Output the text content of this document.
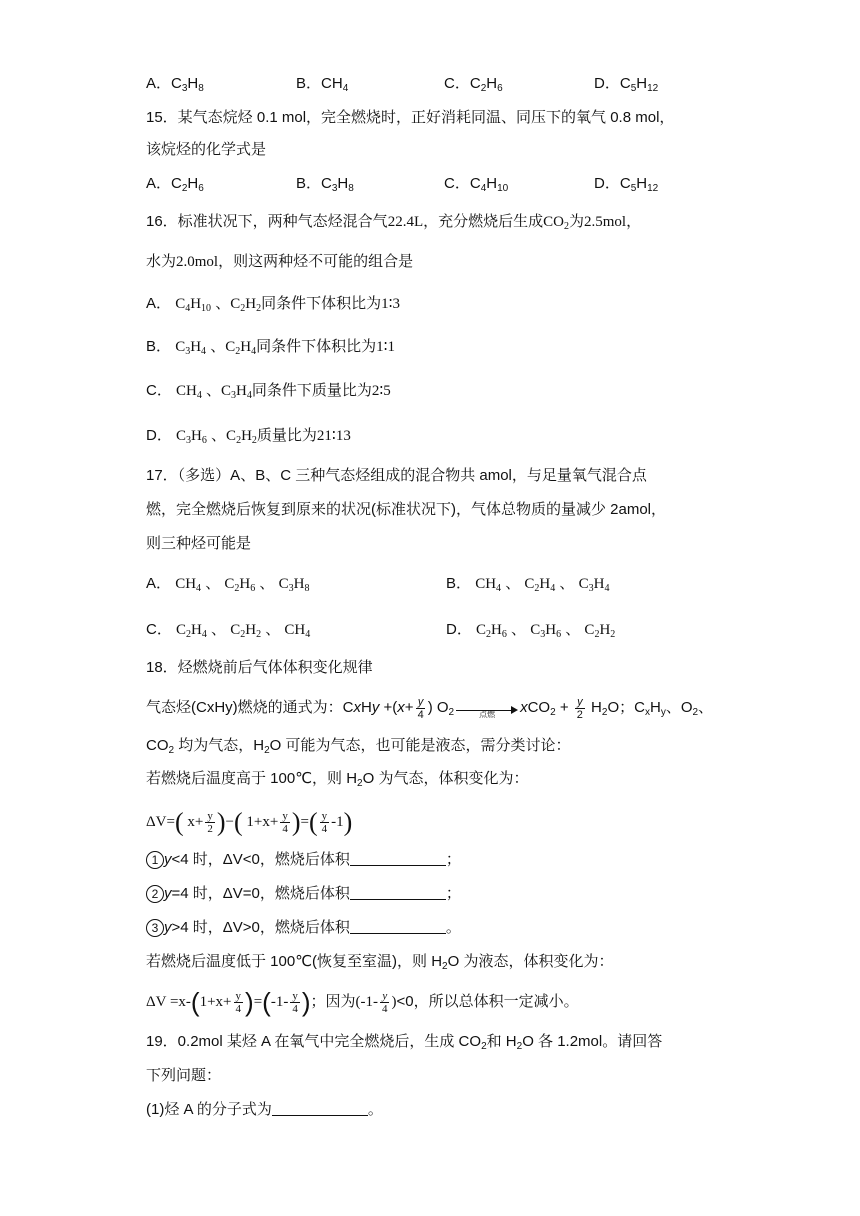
A．$C_3H_8$	B．$CH_4$	C．$C_2H_6$	D．$C_5H_{12}$
15．某气态烷烃 0.1 mol，完全燃烧时，正好消耗同温、同压下的氧气 0.8 mol，
该烷烃的化学式是
A．$C_2H_6$	B．$C_3H_8$	C．$C_4H_{10}$	D．$C_5H_{12}$
16．标准状况下，两种气态烃混合气22.4L，充分燃烧后生成$CO_2$为2.5mol，
水为2.0mol，则这两种烃不可能的组合是
A． $C_4H_{10}$ 、$C_2H_2$同条件下体积比为1∶3
B． $C_3H_4$ 、$C_2H_4$同条件下体积比为1∶1
C． $CH_4$ 、$C_3H_4$同条件下质量比为2∶5
D． $C_3H_6$ 、$C_2H_2$质量比为21∶13
17．（多选）A、B、C 三种气态烃组成的混合物共 amol，与足量氧气混合点
燃，完全燃烧后恢复到原来的状况(标准状况下)，气体总物质的量减少 2amol，
则三种烃可能是
A． $CH_4$ 、 $C_2H_6$ 、 $C_3H_8$	B． $CH_4$ 、 $C_2H_4$ 、 $C_3H_4$
C． $C_2H_4$ 、 $C_2H_2$ 、 $CH_4$	D． $C_2H_6$ 、 $C_3H_6$ 、 $C_2H_2$
18．烃燃烧前后气体体积变化规律
气态烃(CxHy)燃烧的通式为：CxHy $+(x+ \frac{y}{4}$ ) $O_2$	点燃	$xCO_2 + \frac{y}{2} H_2O$；$C_xH_y$、$O_2$、
$CO_2$ 均为气态，$H_2O$ 可能为气态，也可能是液态，需分类讨论：
若燃烧后温度高于 100℃，则 $H_2O$ 为气态，体积变化为：
ΔV=( $x+ \frac{y}{2}$ )−( $1+x+ \frac{y}{4}$ )=( $\frac{y}{4} -1$)
1 y<4 时，ΔV<0，燃烧后体积	；
2 y=4 时，ΔV=0，燃烧后体积	；
3 y>4 时，ΔV>0，燃烧后体积	。
若燃烧后温度低于 100℃(恢复至室温)，则 $H_2O$ 为液态，体积变化为：
$\Delta V =x-(1+x+ \frac{y}{4} )=(-1- \frac{y}{4}$ )；因为$(-1- \frac{y}{4} )<0$，所以总体积一定减小。
19．0.2mol 某烃 A 在氧气中完全燃烧后，生成 $CO_2$和 $H_2O$ 各 1.2mol。请回答
下列问题：
(1)烃 A 的分子式为	。
